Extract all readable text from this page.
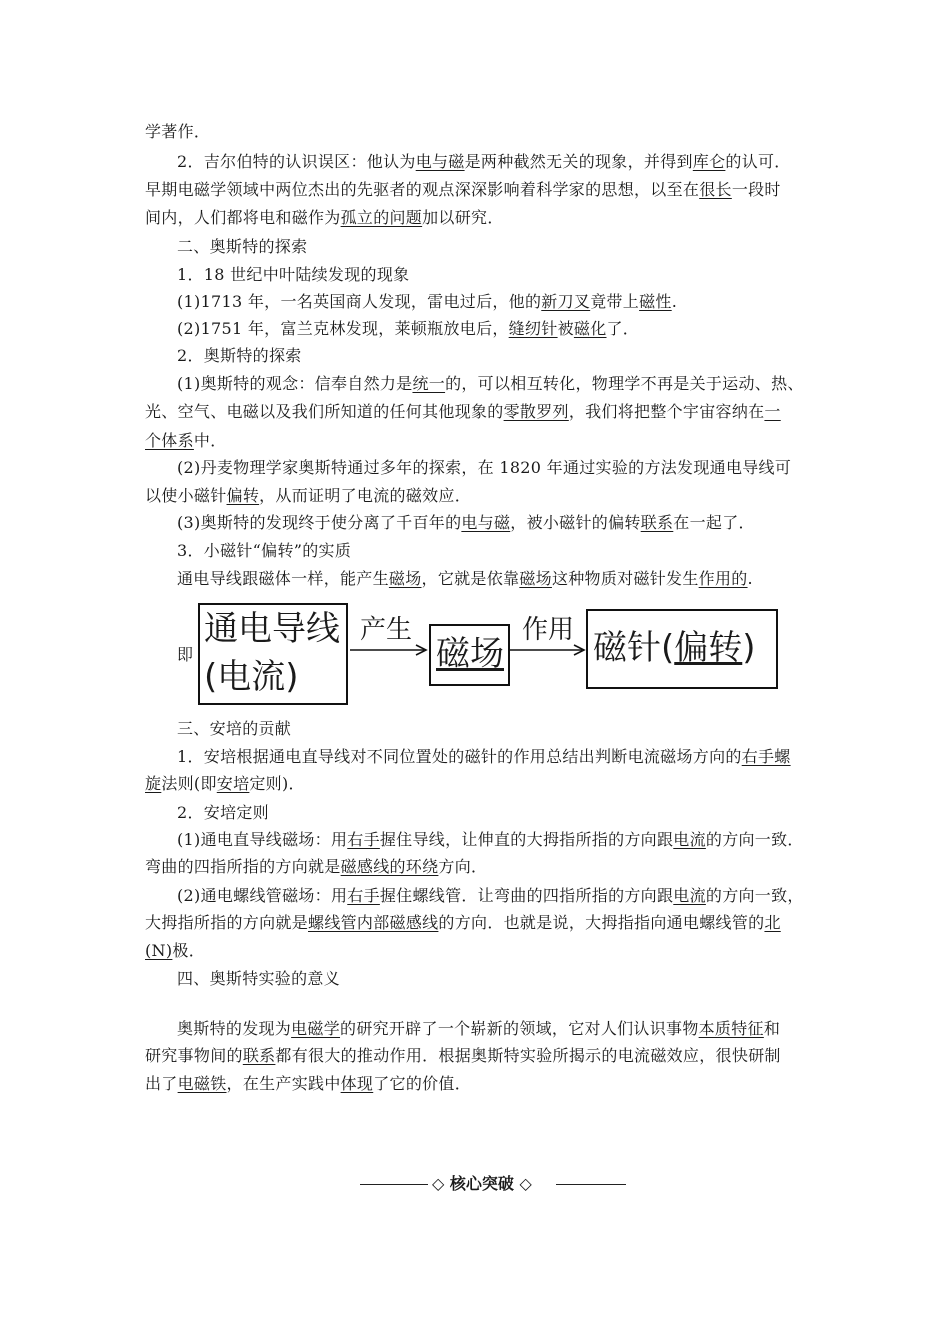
学著作．
2．吉尔伯特的认识误区：他认为电与磁是两种截然无关的现象，并得到库仑的认可．
早期电磁学领域中两位杰出的先驱者的观点深深影响着科学家的思想，以至在很长一段时
间内，人们都将电和磁作为孤立的问题加以研究．
二、奥斯特的探索
1．18 世纪中叶陆续发现的现象
(1)1713 年，一名英国商人发现，雷电过后，他的新刀叉竟带上磁性.
(2)1751 年，富兰克林发现，莱顿瓶放电后，缝纫针被磁化了．
2．奥斯特的探索
(1)奥斯特的观念：信奉自然力是统一的，可以相互转化，物理学不再是关于运动、热、
光、空气、电磁以及我们所知道的任何其他现象的零散罗列，我们将把整个宇宙容纳在一
个体系中．
(2)丹麦物理学家奥斯特通过多年的探索，在 1820 年通过实验的方法发现通电导线可
以使小磁针偏转，从而证明了电流的磁效应．
(3)奥斯特的发现终于使分离了千百年的电与磁，被小磁针的偏转联系在一起了．
3．小磁针“偏转”的实质
通电导线跟磁体一样，能产生磁场，它就是依靠磁场这种物质对磁针发生作用的.
即
通电导线
(电流)
产生
磁场
作用 磁针(偏转)
三、安培的贡献
1．安培根据通电直导线对不同位置处的磁针的作用总结出判断电流磁场方向的右手螺
旋法则(即安培定则)．
2．安培定则
(1)通电直导线磁场：用右手握住导线，让伸直的大拇指所指的方向跟电流的方向一致．
弯曲的四指所指的方向就是磁感线的环绕方向．
(2)通电螺线管磁场：用右手握住螺线管．让弯曲的四指所指的方向跟电流的方向一致，
大拇指所指的方向就是螺线管内部磁感线的方向．也就是说，大拇指指向通电螺线管的北
(N)极．
四、奥斯特实验的意义
奥斯特的发现为电磁学的研究开辟了一个崭新的领域，它对人们认识事物本质特征和
研究事物间的联系都有很大的推动作用．根据奥斯特实验所揭示的电流磁效应，很快研制
出了电磁铁，在生产实践中体现了它的价值．
◇ 核心突破 ◇
